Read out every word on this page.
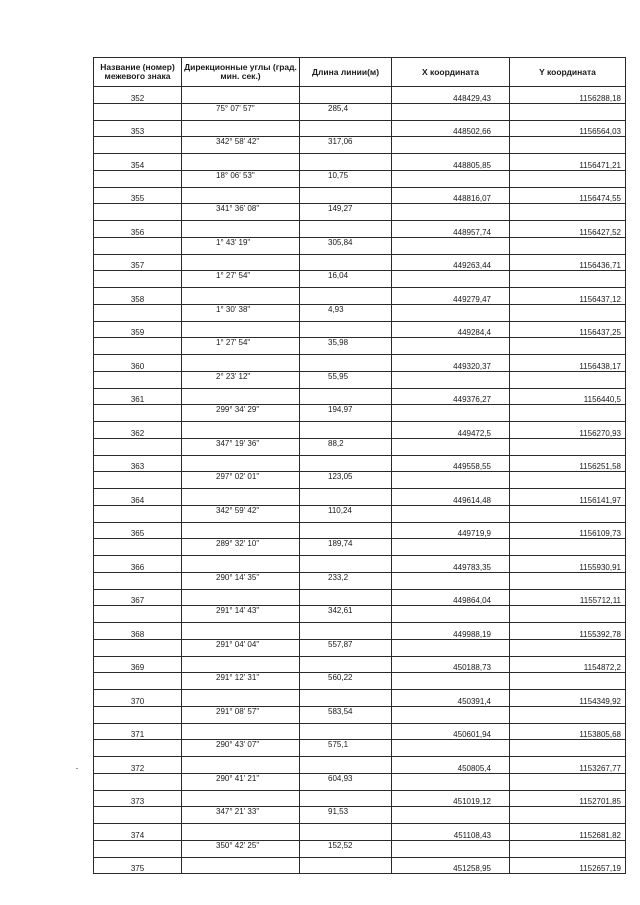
Название (номер) межевого знака	Дирекционные углы (град. мин. сек.)	Длина линии(м)	X координата	Y координата
352			448429,43	1156288,18
	75° 07' 57"	285,4		
353			448502,66	1156564,03
	342° 58' 42"	317,06		
354			448805,85	1156471,21
	18° 06' 53"	10,75		
355			448816,07	1156474,55
	341° 36' 08"	149,27		
356			448957,74	1156427,52
	1° 43' 19"	305,84		
357			449263,44	1156436,71
	1° 27' 54"	16,04		
358			449279,47	1156437,12
	1° 30' 38"	4,93		
359			449284,4	1156437,25
	1° 27' 54"	35,98		
360			449320,37	1156438,17
	2° 23' 12"	55,95		
361			449376,27	1156440,5
	299° 34' 29"	194,97		
362			449472,5	1156270,93
	347° 19' 36"	88,2		
363			449558,55	1156251,58
	297° 02' 01"	123,05		
364			449614,48	1156141,97
	342° 59' 42"	110,24		
365			449719,9	1156109,73
	289° 32' 10"	189,74		
366			449783,35	1155930,91
	290° 14' 35"	233,2		
367			449864,04	1155712,11
	291° 14' 43"	342,61		
368			449988,19	1155392,78
	291° 04' 04"	557,87		
369			450188,73	1154872,2
	291° 12' 31"	560,22		
370			450391,4	1154349,92
	291° 08' 57"	583,54		
371			450601,94	1153805,68
	290° 43' 07"	575,1		
372			450805,4	1153267,77
	290° 41' 21"	604,93		
373			451019,12	1152701,85
	347° 21' 33"	91,53		
374			451108,43	1152681,82
	350° 42' 25"	152,52		
375			451258,95	1152657,19
